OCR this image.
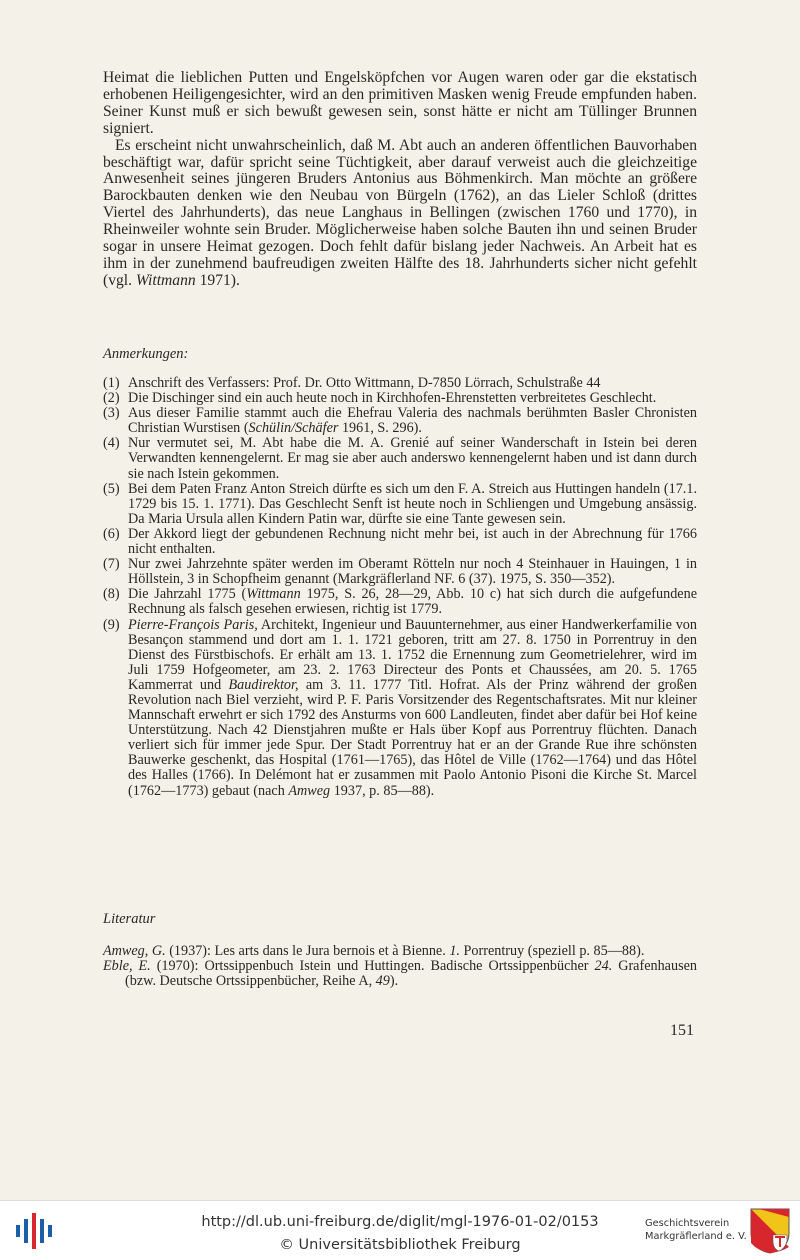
Heimat die lieblichen Putten und Engelsköpfchen vor Augen waren oder gar die ekstatisch erhobenen Heiligengesichter, wird an den primitiven Masken wenig Freude empfunden haben. Seiner Kunst muß er sich bewußt gewesen sein, sonst hätte er nicht am Tüllinger Brunnen signiert.

Es erscheint nicht unwahrscheinlich, daß M. Abt auch an anderen öffentlichen Bauvorhaben beschäftigt war, dafür spricht seine Tüchtigkeit, aber darauf verweist auch die gleichzeitige Anwesenheit seines jüngeren Bruders Antonius aus Böhmenkirch. Man möchte an größere Barockbauten denken wie den Neubau von Bürgeln (1762), an das Lieler Schloß (drittes Viertel des Jahrhunderts), das neue Langhaus in Bellingen (zwischen 1760 und 1770), in Rheinweiler wohnte sein Bruder. Möglicherweise haben solche Bauten ihn und seinen Bruder sogar in unsere Heimat gezogen. Doch fehlt dafür bislang jeder Nachweis. An Arbeit hat es ihm in der zunehmend baufreudigen zweiten Hälfte des 18. Jahrhunderts sicher nicht gefehlt (vgl. Wittmann 1971).

Anmerkungen:
(1) Anschrift des Verfassers: Prof. Dr. Otto Wittmann, D-7850 Lörrach, Schulstraße 44
(2) Die Dischinger sind ein auch heute noch in Kirchhofen-Ehrenstetten verbreitetes Geschlecht.
(3) Aus dieser Familie stammt auch die Ehefrau Valeria des nachmals berühmten Basler Chronisten Christian Wurstisen (Schülin/Schäfer 1961, S. 296).
(4) Nur vermutet sei, M. Abt habe die M. A. Grenié auf seiner Wanderschaft in Istein bei deren Verwandten kennengelernt. Er mag sie aber auch anderswo kennengelernt haben und ist dann durch sie nach Istein gekommen.
(5) Bei dem Paten Franz Anton Streich dürfte es sich um den F. A. Streich aus Huttingen handeln (17.1. 1729 bis 15. 1. 1771). Das Geschlecht Senft ist heute noch in Schliengen und Umgebung ansässig. Da Maria Ursula allen Kindern Patin war, dürfte sie eine Tante gewesen sein.
(6) Der Akkord liegt der gebundenen Rechnung nicht mehr bei, ist auch in der Abrechnung für 1766 nicht enthalten.
(7) Nur zwei Jahrzehnte später werden im Oberamt Rötteln nur noch 4 Steinhauer in Hauingen, 1 in Höllstein, 3 in Schopfheim genannt (Markgräflerland NF. 6 (37). 1975, S. 350—352).
(8) Die Jahrzahl 1775 (Wittmann 1975, S. 26, 28—29, Abb. 10 c) hat sich durch die aufgefundene Rechnung als falsch gesehen erwiesen, richtig ist 1779.
(9) Pierre-François Paris, Architekt, Ingenieur und Bauunternehmer, aus einer Handwerkerfamilie von Besançon stammend und dort am 1. 1. 1721 geboren, tritt am 27. 8. 1750 in Porrentruy in den Dienst des Fürstbischofs. Er erhält am 13. 1. 1752 die Ernennung zum Geometrielehrer, wird im Juli 1759 Hofgeometer, am 23. 2. 1763 Directeur des Ponts et Chaussées, am 20. 5. 1765 Kammerrat und Baudirektor, am 3. 11. 1777 Titl. Hofrat. Als der Prinz während der großen Revolution nach Biel verzieht, wird P. F. Paris Vorsitzender des Regentschaftsrates. Mit nur kleiner Mannschaft erwehrt er sich 1792 des Ansturms von 600 Landleuten, findet aber dafür bei Hof keine Unterstützung. Nach 42 Dienstjahren mußte er Hals über Kopf aus Porrentruy flüchten. Danach verliert sich für immer jede Spur. Der Stadt Porrentruy hat er an der Grande Rue ihre schönsten Bauwerke geschenkt, das Hospital (1761—1765), das Hôtel de Ville (1762—1764) und das Hôtel des Halles (1766). In Delémont hat er zusammen mit Paolo Antonio Pisoni die Kirche St. Marcel (1762—1773) gebaut (nach Amweg 1937, p. 85—88).
Literatur
Amweg, G. (1937): Les arts dans le Jura bernois et à Bienne. 1. Porrentruy (speziell p. 85—88).
Eble, E. (1970): Ortssippenbuch Istein und Huttingen. Badische Ortssippenbücher 24. Grafenhausen (bzw. Deutsche Ortssippenbücher, Reihe A, 49).
151
http://dl.ub.uni-freiburg.de/diglit/mgl-1976-01-02/0153
© Universitätsbibliothek Freiburg
Geschichtsverein
Markgräflerland e. V.
